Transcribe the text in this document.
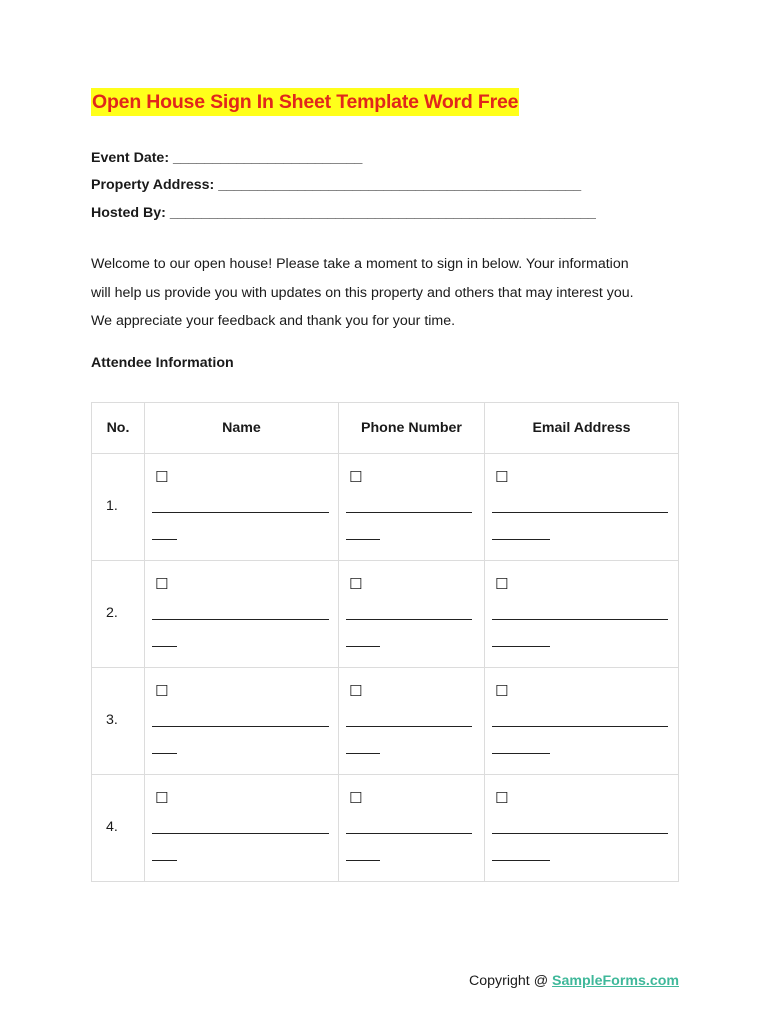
Open House Sign In Sheet Template Word Free
Event Date: ________________________
Property Address: ______________________________________________
Hosted By: ______________________________________________________

Welcome to our open house! Please take a moment to sign in below. Your information

will help us provide you with updates on this property and others that may interest you.

We appreciate your feedback and thank you for your time.

Attendee Information
No.	Name	Phone Number	Email Address

1.	☐	☐	☐

2.	☐	☐	☐

3.	☐	☐	☐

4.	☐	☐	☐
Copyright @ SampleForms.com
